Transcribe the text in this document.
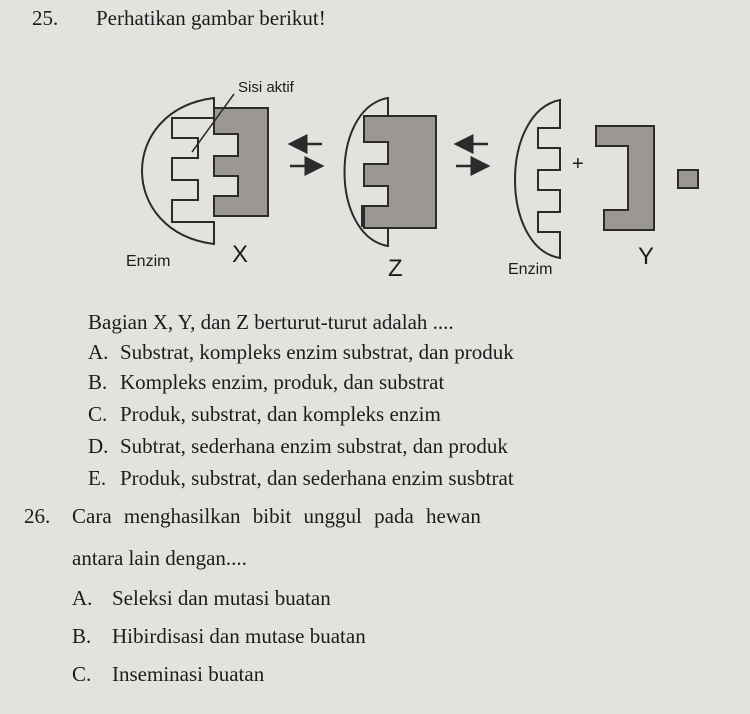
25. Perhatikan gambar berikut!
Sisi aktif
Enzim	X
Z	Enzim	Y
+
Bagian X, Y, dan Z berturut-turut adalah ....
A. Substrat, kompleks enzim substrat, dan produk
B. Kompleks enzim, produk, dan substrat
C. Produk, substrat, dan kompleks enzim
D. Subtrat, sederhana enzim substrat, dan produk
E. Produk, substrat, dan sederhana enzim susbtrat
26. Cara menghasilkan bibit unggul pada hewan
antara lain dengan....
A. Seleksi dan mutasi buatan
B. Hibirdisasi dan mutase buatan
C. Inseminasi buatan
